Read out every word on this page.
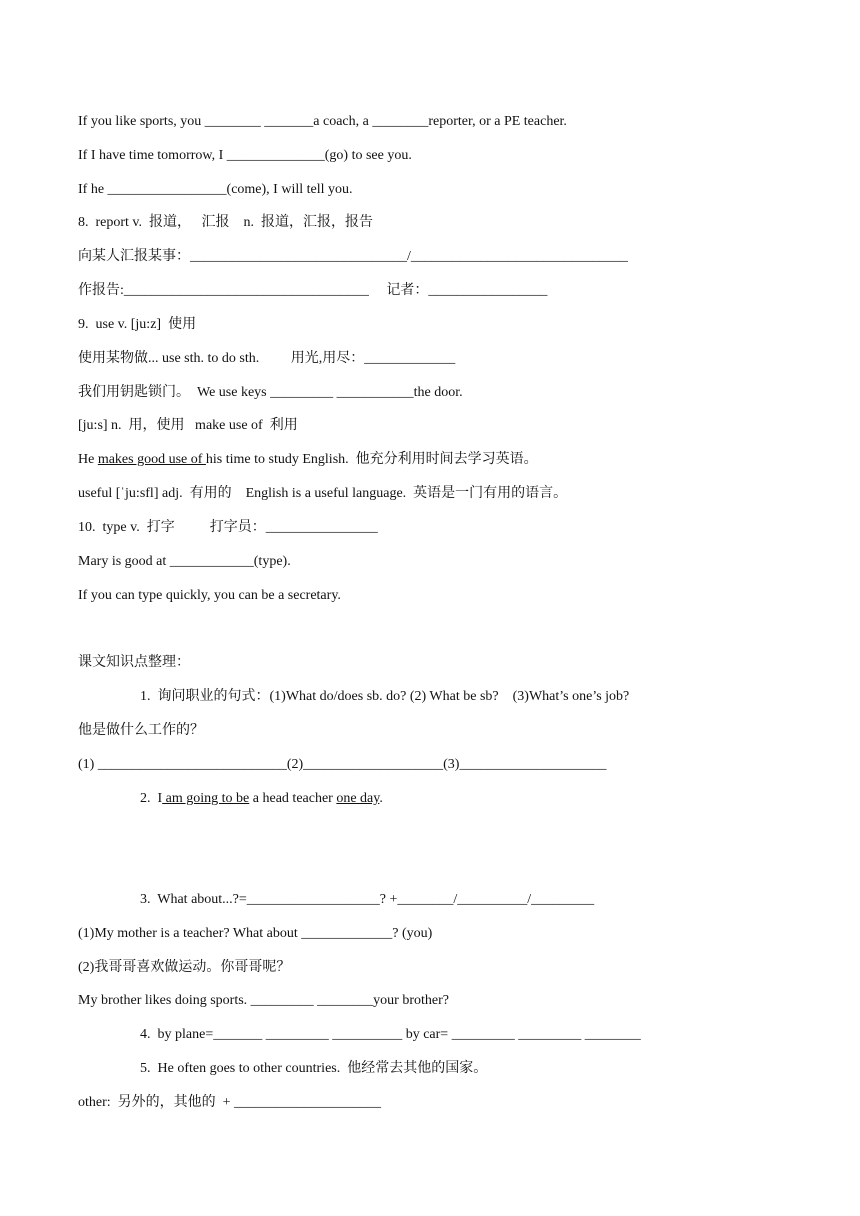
If you like sports, you ________ _______a coach, a ________reporter, or a PE teacher.
If I have time tomorrow, I ______________(go) to see you.
If he _________________(come), I will tell you.
8.  report v.  报道，   汇报    n.  报道，汇报，报告
向某人汇报某事：_______________________________/_______________________________
作报告:___________________________________     记者：_________________
9.  use v. [ju:z]  使用
使用某物做... use sth. to do sth.         用光,用尽：_____________
我们用钥匙锁门。  We use keys _________ ___________the door.
[ju:s] n.  用，使用   make use of  利用
He makes good use of his time to study English.  他充分利用时间去学习英语。
useful [ˈju:sfl] adj.  有用的    English is a useful language.  英语是一门有用的语言。
10.  type v.  打字          打字员：________________
Mary is good at ____________(type).
If you can type quickly, you can be a secretary.
课文知识点整理：
1.  询问职业的句式：(1)What do/does sb. do? (2) What be sb?    (3)What’s one’s job?
他是做什么工作的？
(1) ___________________________(2)____________________(3)_____________________
2.  I am going to be a head teacher one day.
3.  What about...?=___________________? +________/__________/_________
(1)My mother is a teacher? What about _____________? (you)
(2)我哥哥喜欢做运动。你哥哥呢？
My brother likes doing sports. _________ ________your brother?
4.  by plane=_______ _________ __________ by car= _________ _________ ________
5.  He often goes to other countries.  他经常去其他的国家。
other:  另外的，其他的  + _____________________
